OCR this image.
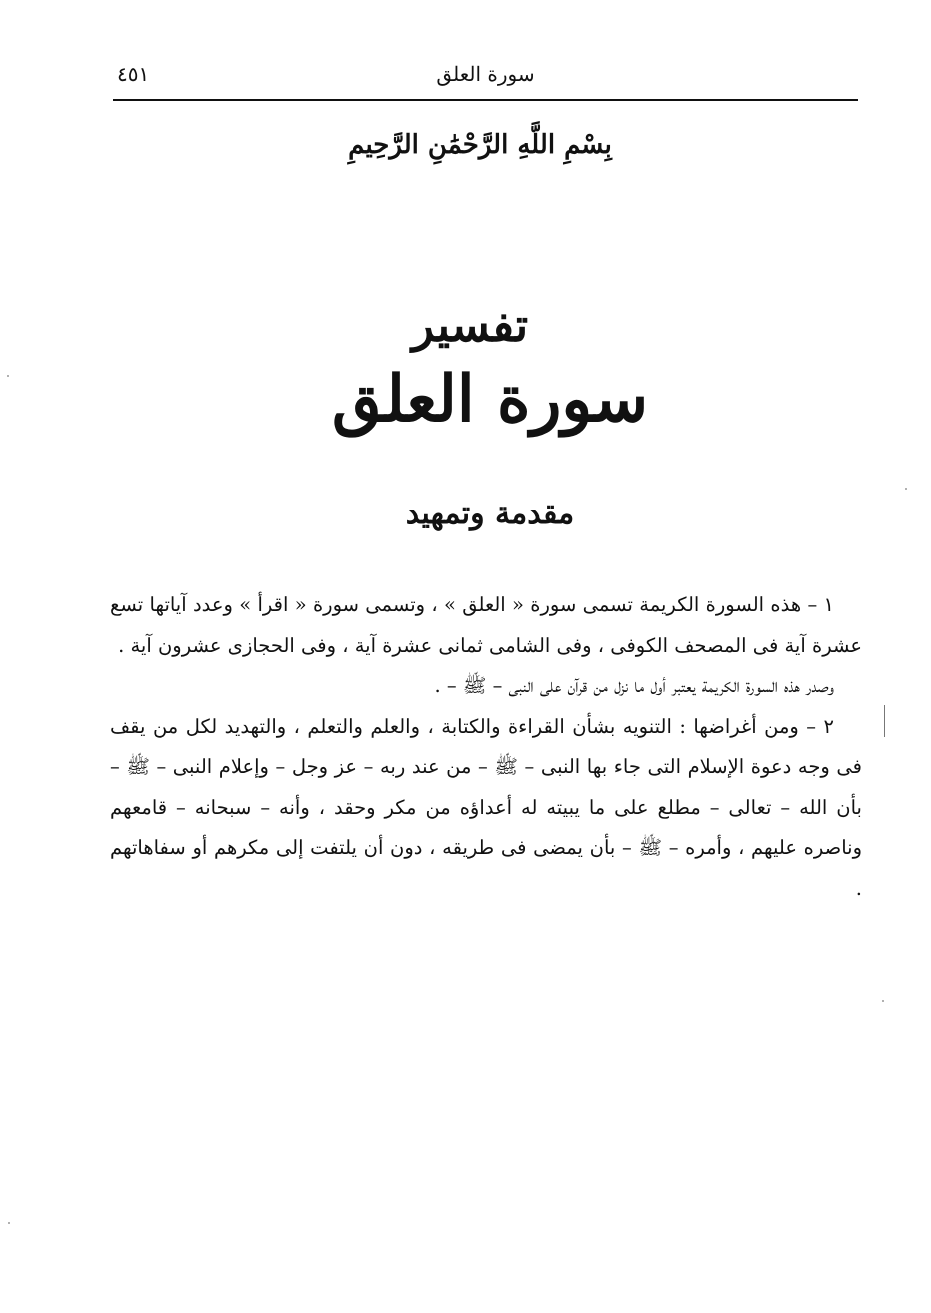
سورة العلق
٤٥١
بِسْمِ اللَّهِ الرَّحْمَٰنِ الرَّحِيمِ
تفسير
سورة العلق
مقدمة وتمهيد

١ – هذه السورة الكريمة تسمى سورة « العلق » ، وتسمى سورة « اقرأ » وعدد آياتها تسع عشرة آية فى المصحف الكوفى ، وفى الشامى ثمانى عشرة آية ، وفى الحجازى عشرون آية .

وصدر هذه السورة الكريمة يعتبر أول ما نزل من قرآن على النبى – ﷺ – .

٢ – ومن أغراضها : التنويه بشأن القراءة والكتابة ، والعلم والتعلم ، والتهديد لكل من يقف فى وجه دعوة الإسلام التى جاء بها النبى – ﷺ – من عند ربه – عز وجل – وإعلام النبى – ﷺ – بأن الله – تعالى – مطلع على ما يبيته له أعداؤه من مكر وحقد ، وأنه – سبحانه – قامعهم وناصره عليهم ، وأمره – ﷺ – بأن يمضى فى طريقه ، دون أن يلتفت إلى مكرهم أو سفاهاتهم .
